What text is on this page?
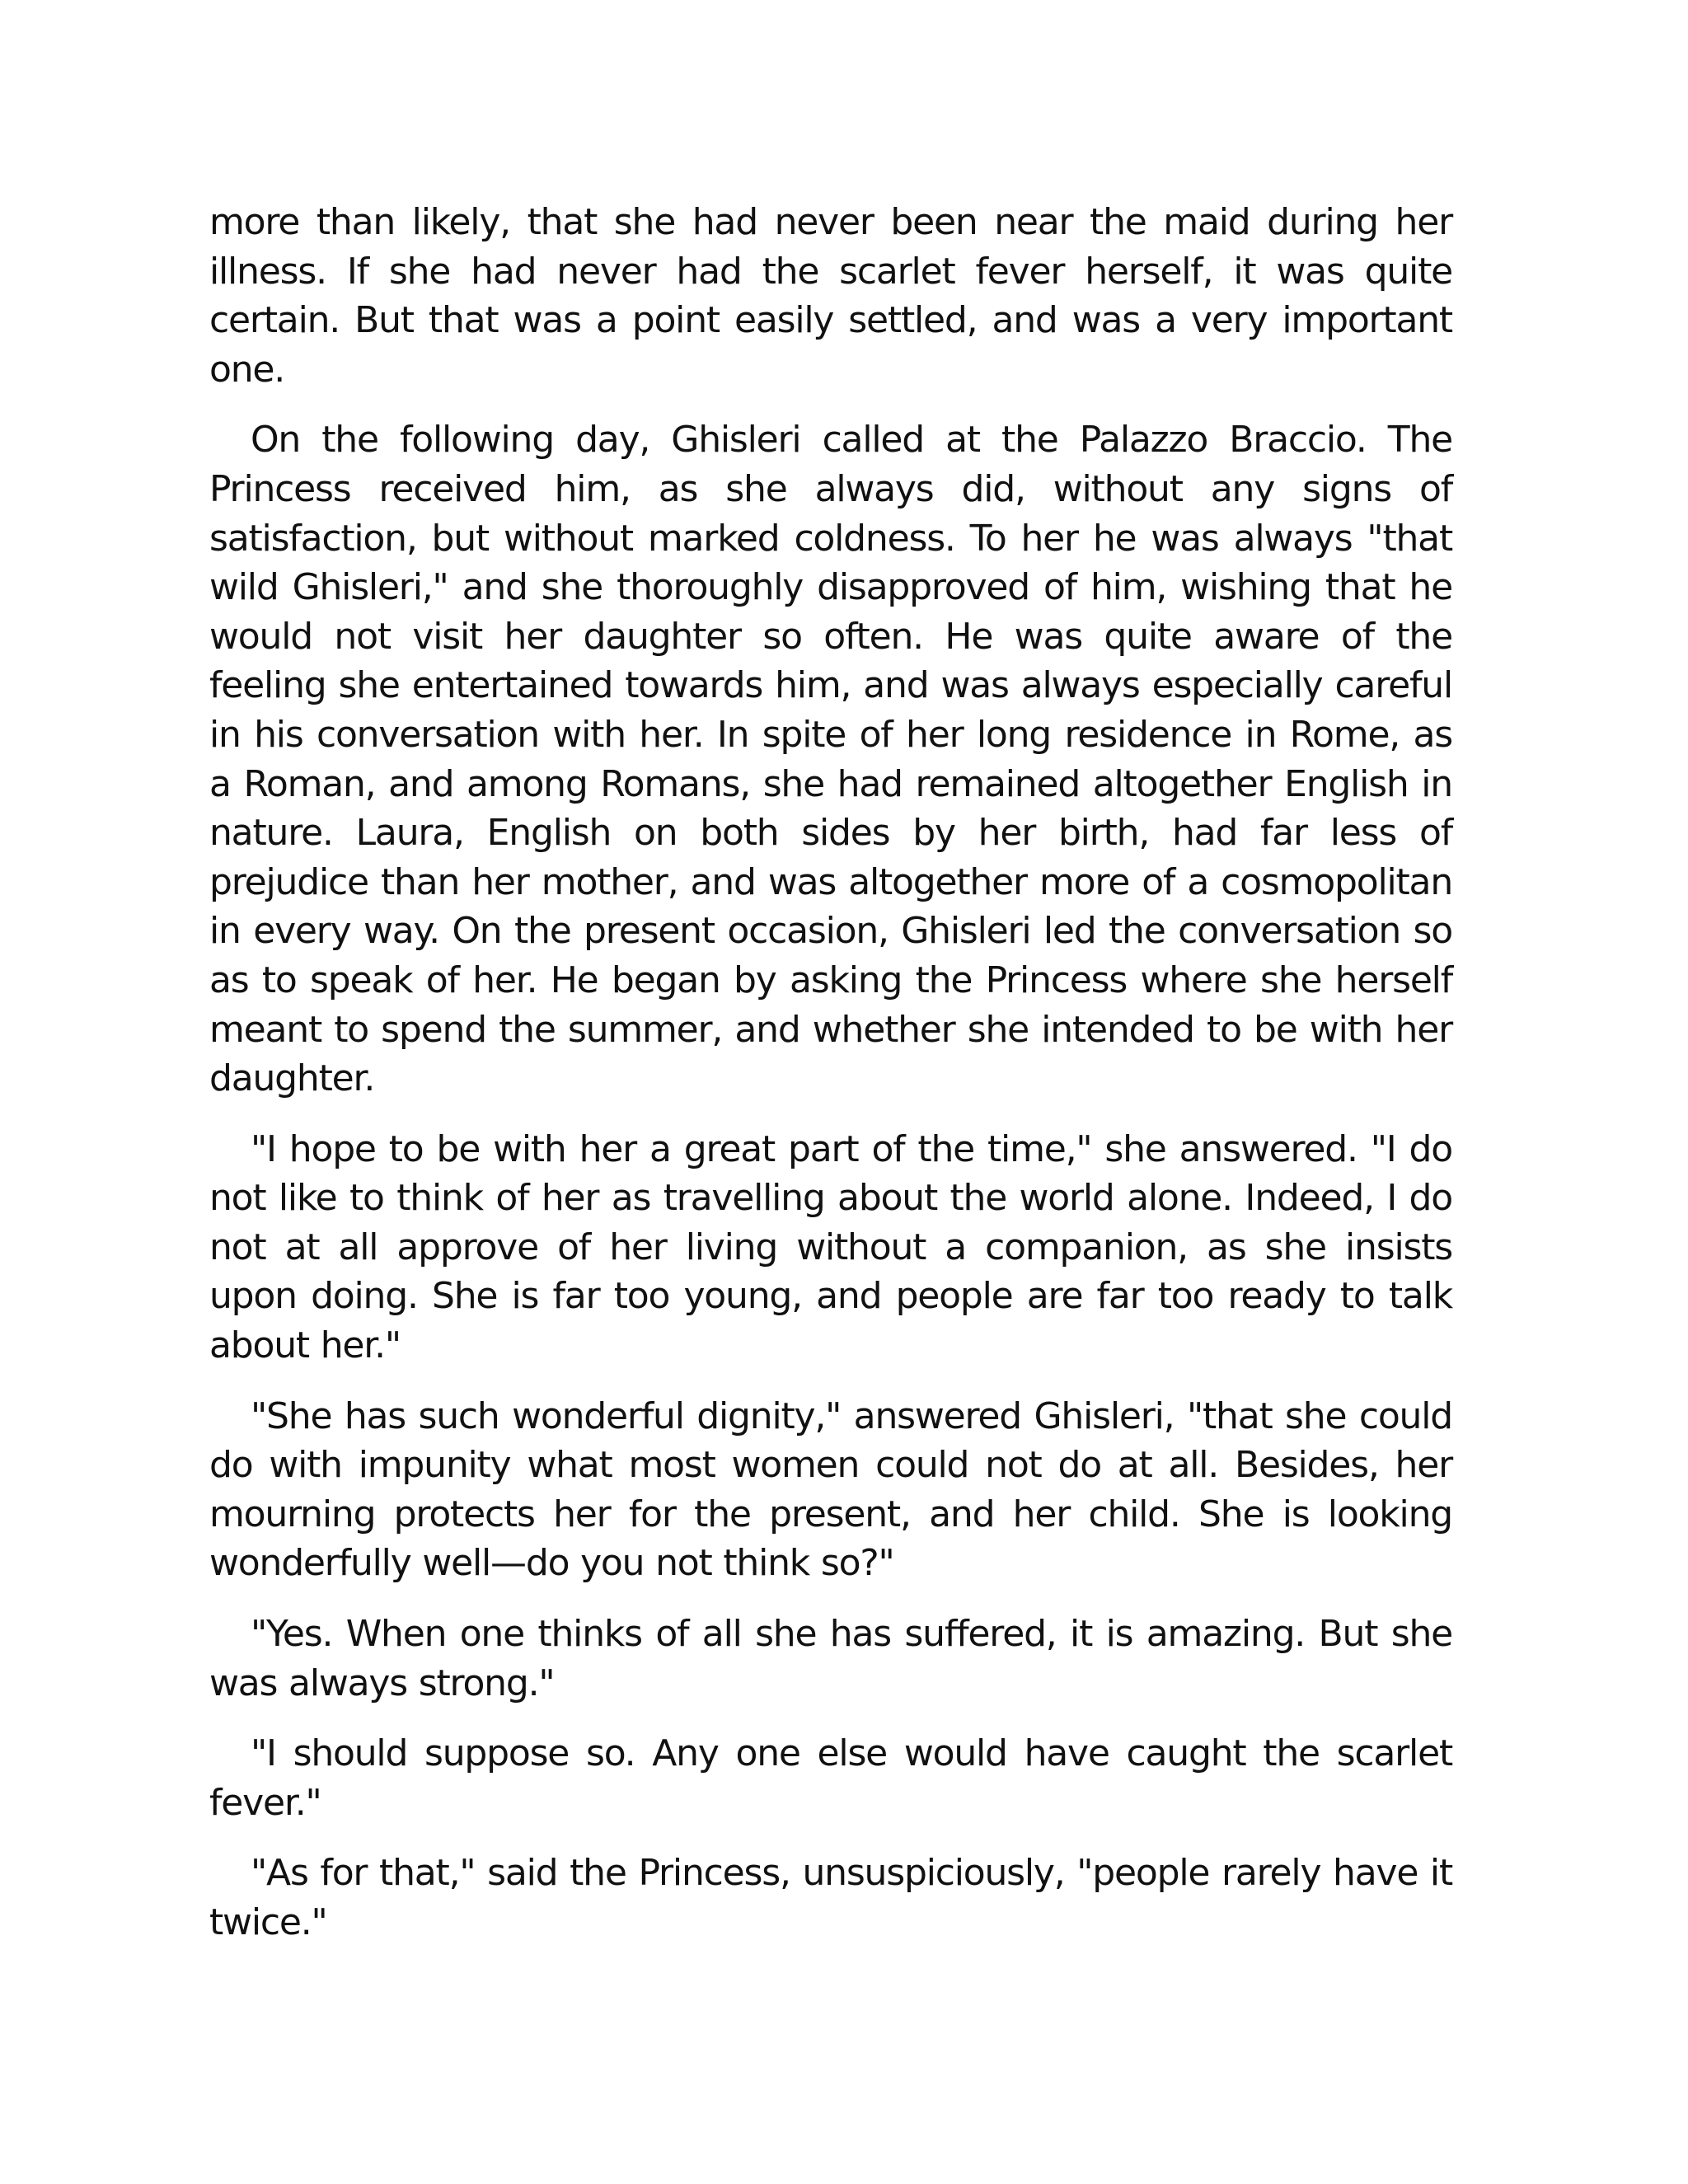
more than likely, that she had never been near the maid during her illness. If she had never had the scarlet fever herself, it was quite certain. But that was a point easily settled, and was a very important one.

On the following day, Ghisleri called at the Palazzo Braccio. The Princess received him, as she always did, without any signs of satisfaction, but without marked coldness. To her he was always "that wild Ghisleri," and she thoroughly disapproved of him, wishing that he would not visit her daughter so often. He was quite aware of the feeling she entertained towards him, and was always especially careful in his conversation with her. In spite of her long residence in Rome, as a Roman, and among Romans, she had remained altogether English in nature. Laura, English on both sides by her birth, had far less of prejudice than her mother, and was altogether more of a cosmopolitan in every way. On the present occasion, Ghisleri led the conversation so as to speak of her. He began by asking the Princess where she herself meant to spend the summer, and whether she intended to be with her daughter.

"I hope to be with her a great part of the time," she answered. "I do not like to think of her as travelling about the world alone. Indeed, I do not at all approve of her living without a companion, as she insists upon doing. She is far too young, and people are far too ready to talk about her."

"She has such wonderful dignity," answered Ghisleri, "that she could do with impunity what most women could not do at all. Besides, her mourning protects her for the present, and her child. She is looking wonderfully well—do you not think so?"

"Yes. When one thinks of all she has suffered, it is amazing. But she was always strong."

"I should suppose so. Any one else would have caught the scarlet fever."

"As for that," said the Princess, unsuspiciously, "people rarely have it twice."
